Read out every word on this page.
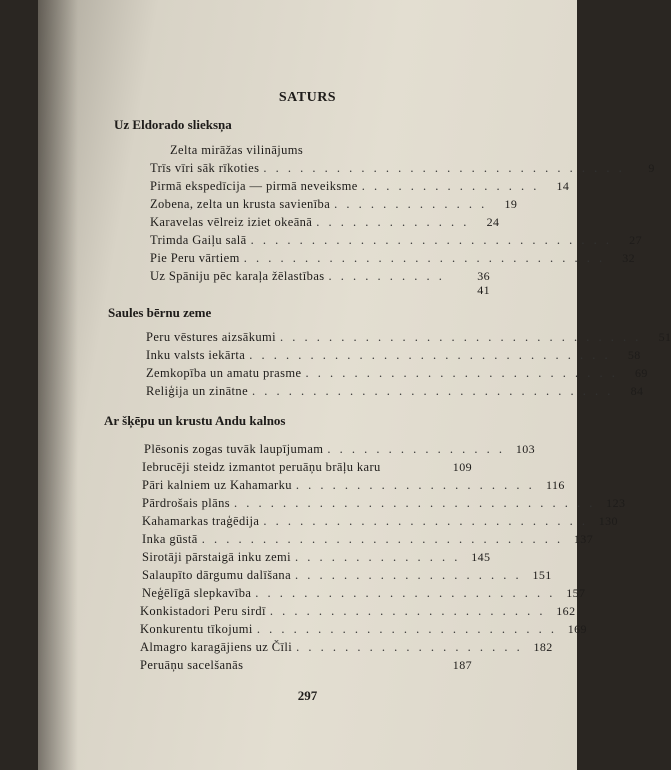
SATURS
Uz Eldorado slieksņa
Zelta mirāžas vilinājums
Trīs vīri sāk rīkoties . . . . . . . . . . . . . . . . . . . . . . . . . . . . . .	9
Pirmā ekspedīcija — pirmā neveiksme . . . . . . . . . . . . . . .	14
Zobena, zelta un krusta savienība . . . . . . . . . . . . .	19
Karavelas vēlreiz iziet okeānā . . . . . . . . . . . . .	24
Trimda Gaiļu salā . . . . . . . . . . . . . . . . . . . . . . . . . . . . . .	27
Pie Peru vārtiem . . . . . . . . . . . . . . . . . . . . . . . . . . . . . .	32
Uz Spāniju pēc karaļa žēlastības . . . . . . . . . .	36
41
Saules bērnu zeme
Peru vēstures aizsākumi . . . . . . . . . . . . . . . . . . . . . . . . . . . . . .	51
Inku valsts iekārta . . . . . . . . . . . . . . . . . . . . . . . . . . . . . .	58
Zemkopība un amatu prasme . . . . . . . . . . . . . . . . . . . . . . . . . .	69
Reliģija un zinātne . . . . . . . . . . . . . . . . . . . . . . . . . . . . . .	84
Ar šķēpu un krustu Andu kalnos
Plēsonis zogas tuvāk laupījumam . . . . . . . . . . . . . . . 103
Iebrucēji steidz izmantot peruāņu brāļu karu	109
Pāri kalniem uz Kahamarku . . . . . . . . . . . . . . . . . . . . 116
Pārdrošais plāns . . . . . . . . . . . . . . . . . . . . . . . . . . . . . . 123
Kahamarkas traģēdija . . . . . . . . . . . . . . . . . . . . . . . . . . . 130
Inka gūstā . . . . . . . . . . . . . . . . . . . . . . . . . . . . . . 137
Sirotāji pārstaigā inku zemi . . . . . . . . . . . . . . 145
Salaupīto dārgumu dalīšana . . . . . . . . . . . . . . . . . . . 151
Neģēlīgā slepkavība . . . . . . . . . . . . . . . . . . . . . . . . . 157
Konkistadori Peru sirdī . . . . . . . . . . . . . . . . . . . . . . . 162
Konkurentu tīkojumi . . . . . . . . . . . . . . . . . . . . . . . . . 169
Almagro karagājiens uz Čīli . . . . . . . . . . . . . . . . . . . 182
Peruāņu sacelšanās	187
297
